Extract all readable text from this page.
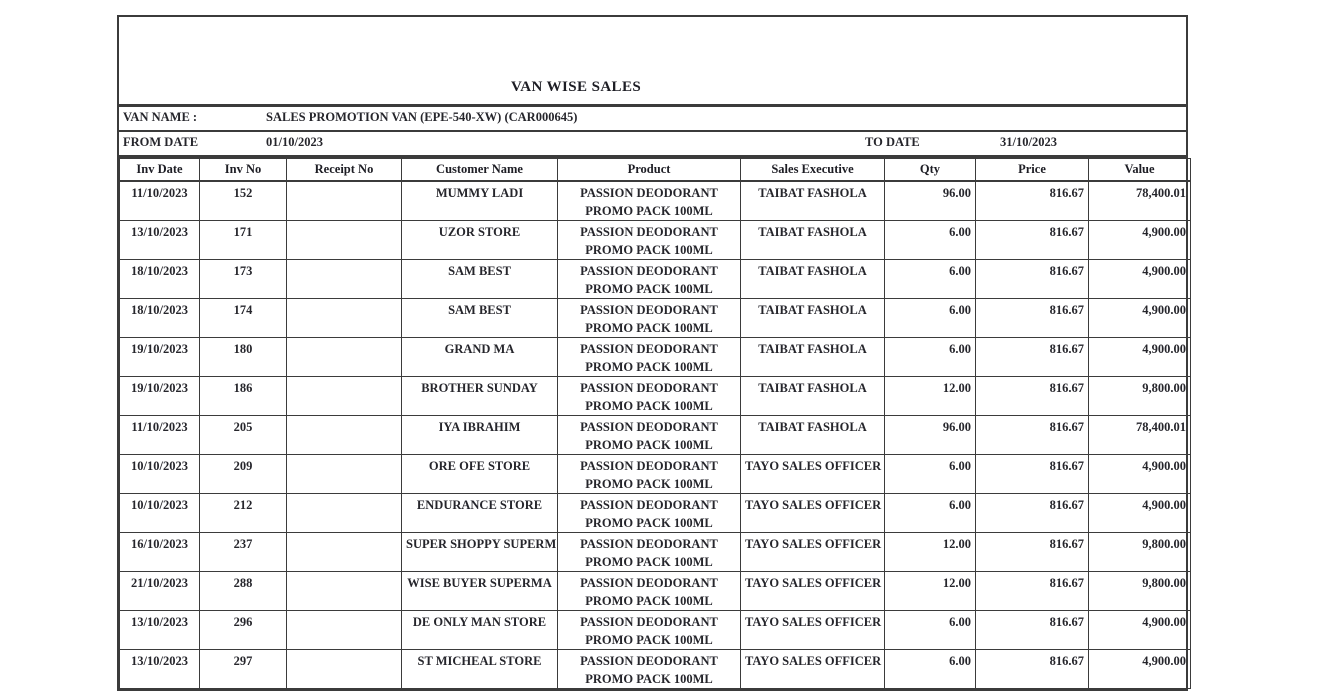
VAN WISE SALES
VAN NAME :	SALES PROMOTION VAN (EPE-540-XW) (CAR000645)
FROM DATE	01/10/2023	TO DATE	31/10/2023
Inv Date	Inv No	Receipt No	Customer Name	Product	Sales Executive	Qty	Price	Value
11/10/2023	152		MUMMY LADI	PASSION DEODORANT PROMO PACK 100ML	TAIBAT FASHOLA	96.00	816.67	78,400.01
13/10/2023	171		UZOR STORE	PASSION DEODORANT PROMO PACK 100ML	TAIBAT FASHOLA	6.00	816.67	4,900.00
18/10/2023	173		SAM BEST	PASSION DEODORANT PROMO PACK 100ML	TAIBAT FASHOLA	6.00	816.67	4,900.00
18/10/2023	174		SAM BEST	PASSION DEODORANT PROMO PACK 100ML	TAIBAT FASHOLA	6.00	816.67	4,900.00
19/10/2023	180		GRAND MA	PASSION DEODORANT PROMO PACK 100ML	TAIBAT FASHOLA	6.00	816.67	4,900.00
19/10/2023	186		BROTHER SUNDAY	PASSION DEODORANT PROMO PACK 100ML	TAIBAT FASHOLA	12.00	816.67	9,800.00
11/10/2023	205		IYA IBRAHIM	PASSION DEODORANT PROMO PACK 100ML	TAIBAT FASHOLA	96.00	816.67	78,400.01
10/10/2023	209		ORE OFE STORE	PASSION DEODORANT PROMO PACK 100ML	TAYO SALES OFFICER	6.00	816.67	4,900.00
10/10/2023	212		ENDURANCE STORE	PASSION DEODORANT PROMO PACK 100ML	TAYO SALES OFFICER	6.00	816.67	4,900.00
16/10/2023	237		SUPER SHOPPY SUPERM	PASSION DEODORANT PROMO PACK 100ML	TAYO SALES OFFICER	12.00	816.67	9,800.00
21/10/2023	288		WISE BUYER SUPERMA	PASSION DEODORANT PROMO PACK 100ML	TAYO SALES OFFICER	12.00	816.67	9,800.00
13/10/2023	296		DE ONLY MAN STORE	PASSION DEODORANT PROMO PACK 100ML	TAYO SALES OFFICER	6.00	816.67	4,900.00
13/10/2023	297		ST MICHEAL STORE	PASSION DEODORANT PROMO PACK 100ML	TAYO SALES OFFICER	6.00	816.67	4,900.00
